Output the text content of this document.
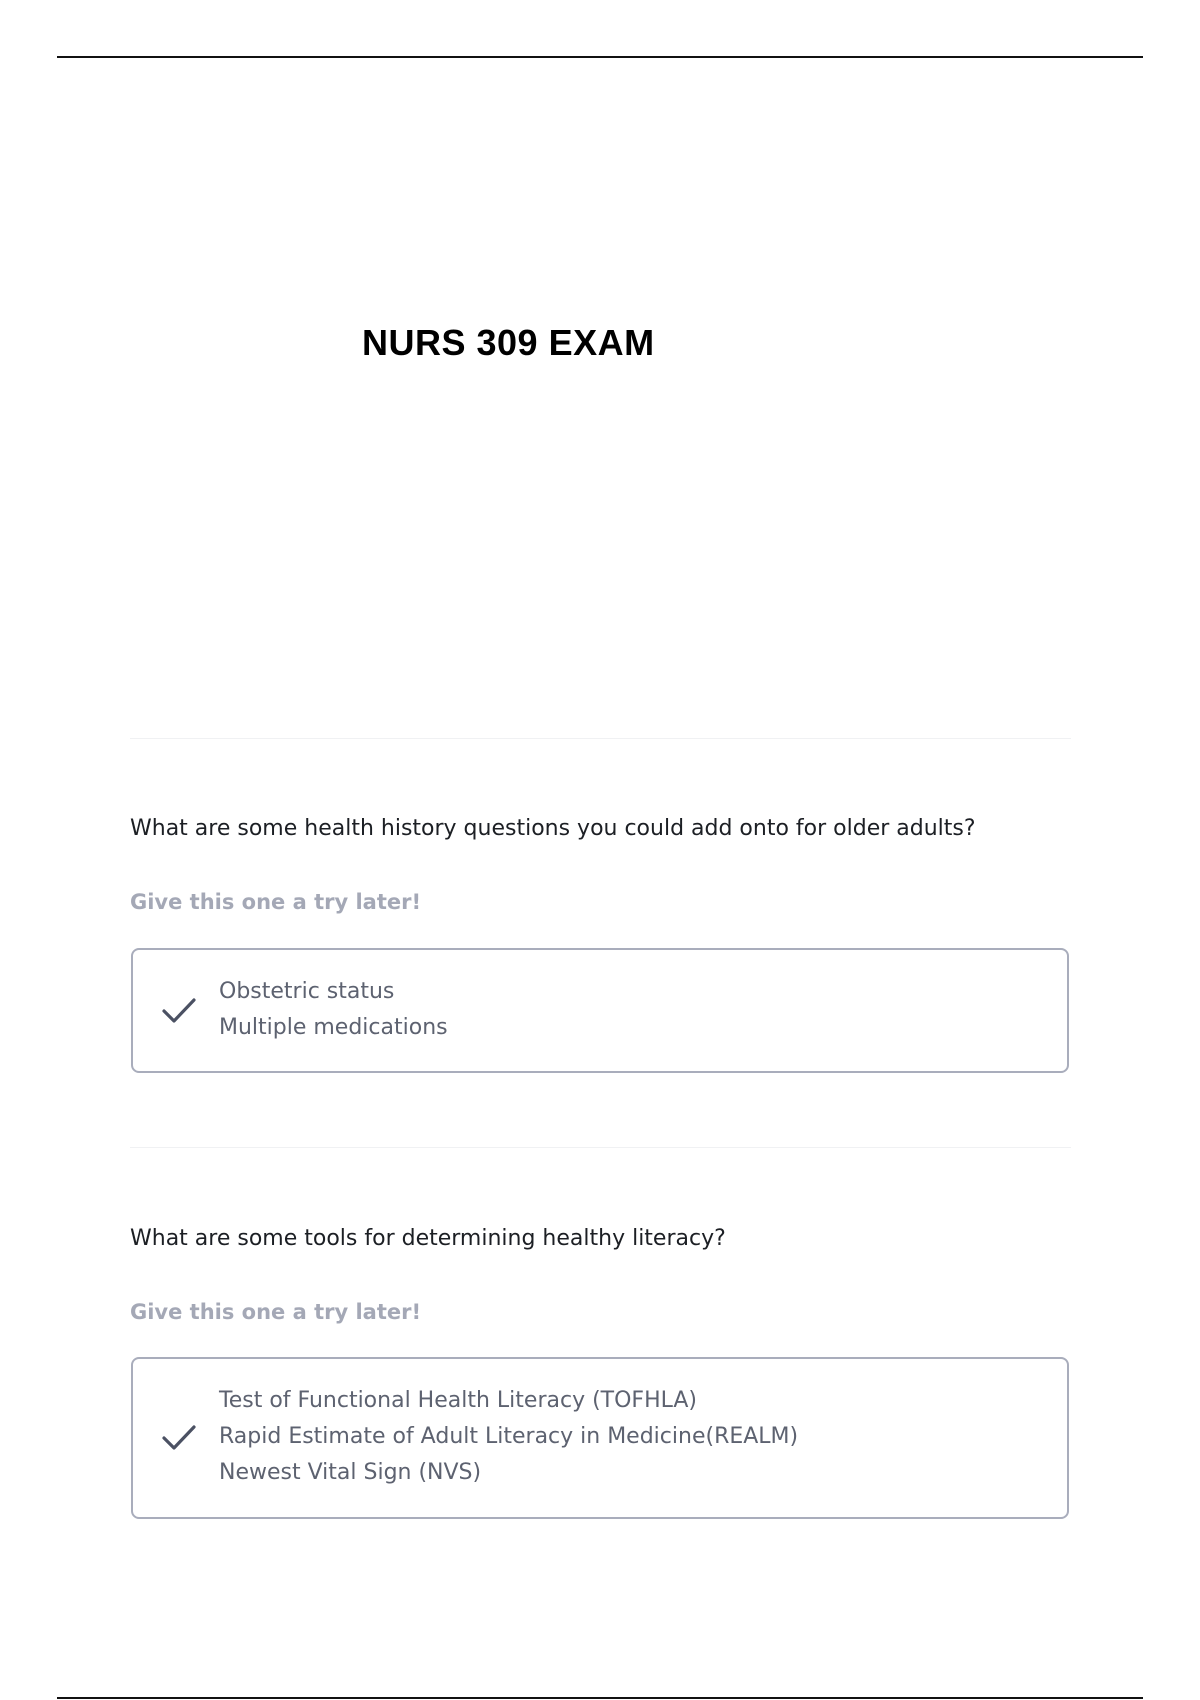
NURS 309 EXAM
What are some health history questions you could add onto for older adults?
Give this one a try later!
Obstetric status
Multiple medications
What are some tools for determining healthy literacy?
Give this one a try later!
Test of Functional Health Literacy (TOFHLA)
Rapid Estimate of Adult Literacy in Medicine(REALM)
Newest Vital Sign (NVS)
